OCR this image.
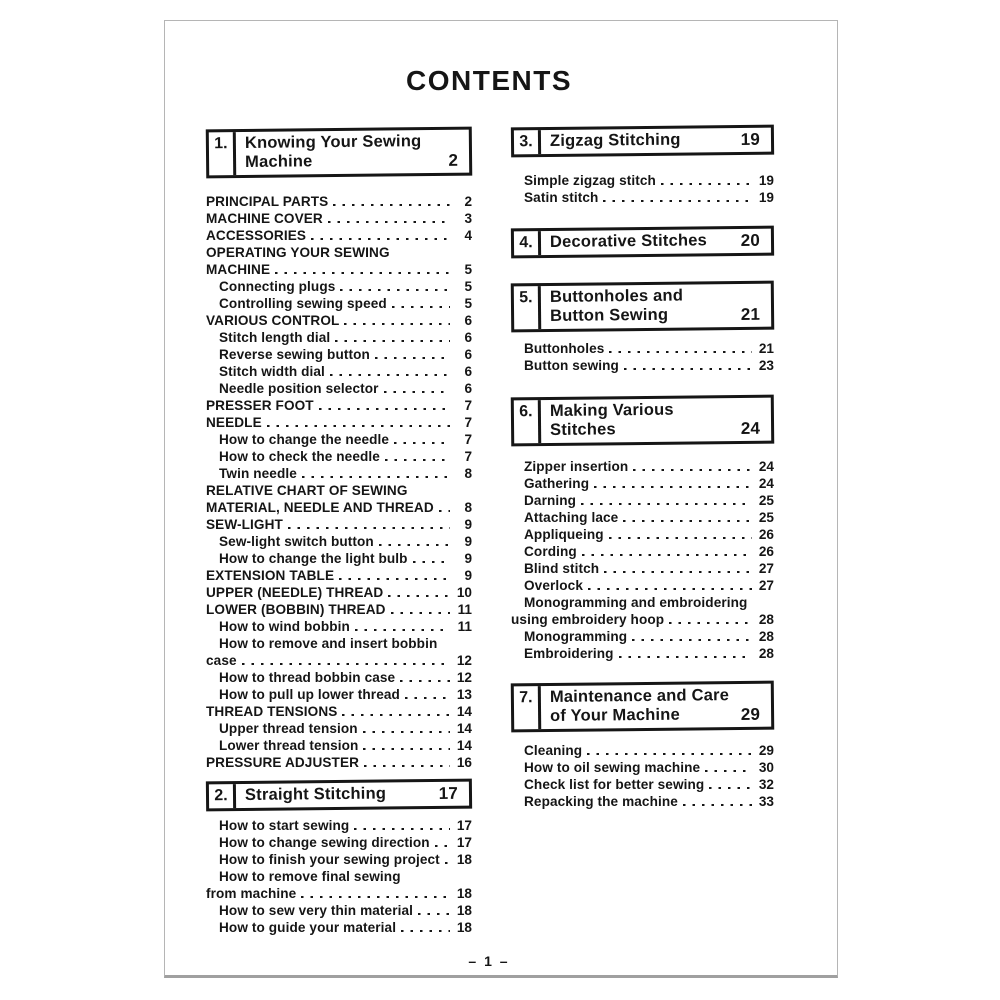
CONTENTS
1.	Knowing Your Sewing
Machine	2
PRINCIPAL PARTS	2
MACHINE COVER	3
ACCESSORIES	4
OPERATING YOUR SEWING
MACHINE	5
Connecting plugs	5
Controlling sewing speed	5
VARIOUS CONTROL	6
Stitch length dial	6
Reverse sewing button	6
Stitch width dial	6
Needle position selector	6
PRESSER FOOT	7
NEEDLE	7
How to change the needle	7
How to check the needle	7
Twin needle	8
RELATIVE CHART OF SEWING
MATERIAL, NEEDLE AND THREAD	8
SEW-LIGHT	9
Sew-light switch button	9
How to change the light bulb	9
EXTENSION TABLE	9
UPPER (NEEDLE) THREAD	10
LOWER (BOBBIN) THREAD	11
How to wind bobbin	11
How to remove and insert bobbin
case	12
How to thread bobbin case	12
How to pull up lower thread	13
THREAD TENSIONS	14
Upper thread tension	14
Lower thread tension	14
PRESSURE ADJUSTER	16
2.	Straight Stitching	17
How to start sewing	17
How to change sewing direction 17
How to finish your sewing project 18
How to remove final sewing
from machine	18
How to sew very thin material	18
How to guide your material	18
3.	Zigzag Stitching	19
Simple zigzag stitch	19
Satin stitch	19
4.	Decorative Stitches	20
5.	Buttonholes and
Button Sewing	21
Buttonholes	21
Button sewing	23
6.	Making Various
Stitches	24
Zipper insertion	24
Gathering	24
Darning	25
Attaching lace	25
Appliqueing	26
Cording	26
Blind stitch	27
Overlock	27
Monogramming and embroidering
using embroidery hoop	28
Monogramming	28
Embroidering	28
7.	Maintenance and Care
of Your Machine	29
Cleaning	29
How to oil sewing machine	30
Check list for better sewing	32
Repacking the machine	33
– 1 –
